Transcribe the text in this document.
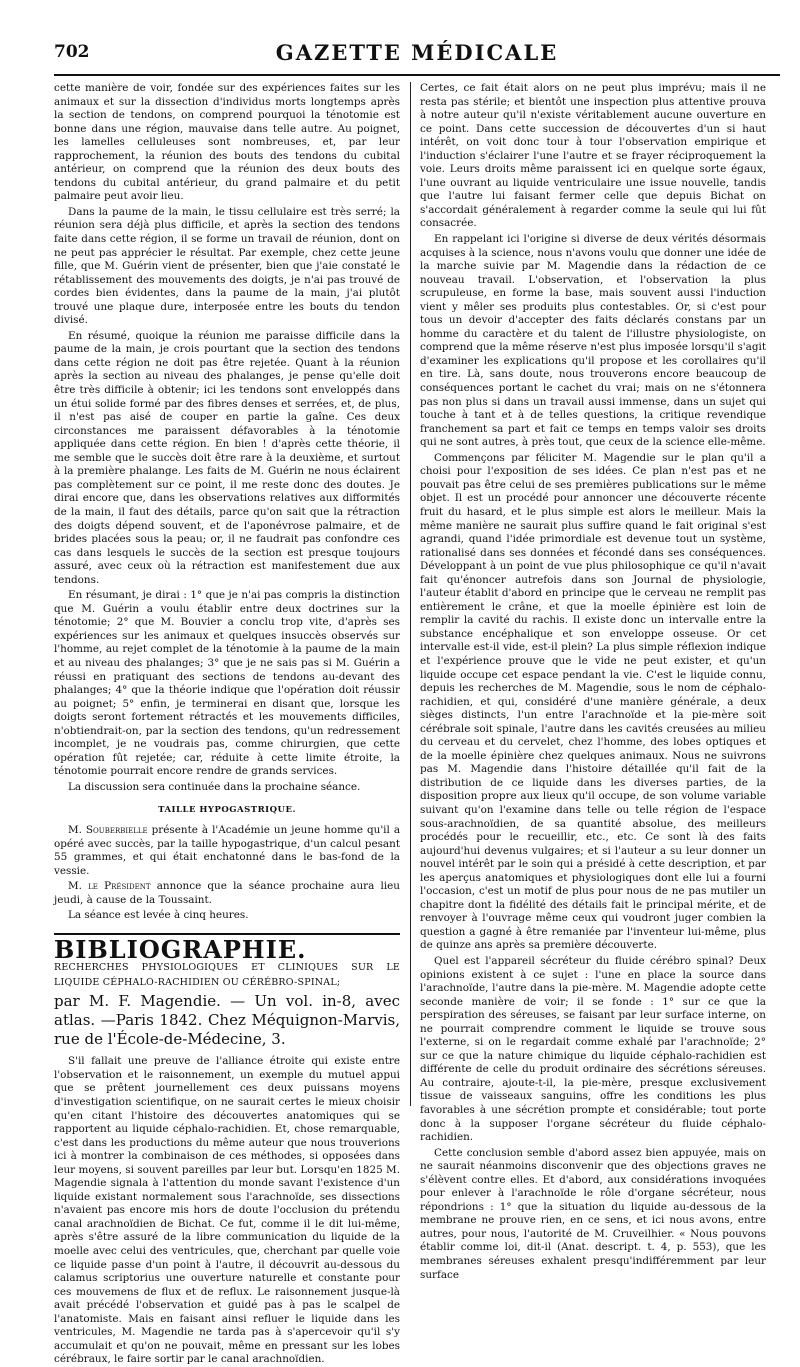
702	GAZETTE MÉDICALE

cette manière de voir, fondée sur des expériences faites sur les animaux et sur la dissection d'individus morts longtemps après la section de tendons, on comprend pourquoi la ténotomie est bonne dans une région, mauvaise dans telle autre. Au poignet, les lamelles celluleuses sont nombreuses, et, par leur rapprochement, la réunion des bouts des tendons du cubital antérieur, on comprend que la réunion des deux bouts des tendons du cubital antérieur, du grand palmaire et du petit palmaire peut avoir lieu.

Dans la paume de la main, le tissu cellulaire est très serré; la réunion sera déjà plus difficile, et après la section des tendons faite dans cette région, il se forme un travail de réunion, dont on ne peut pas apprécier le résultat. Par exemple, chez cette jeune fille, que M. Guérin vient de présenter, bien que j'aie constaté le rétablissement des mouvements des doigts, je n'ai pas trouvé de cordes bien évidentes, dans la paume de la main, j'ai plutôt trouvé une plaque dure, interposée entre les bouts du tendon divisé.

En résumé, quoique la réunion me paraisse difficile dans la paume de la main, je crois pourtant que la section des tendons dans cette région ne doit pas être rejetée. Quant à la réunion après la section au niveau des phalanges, je pense qu'elle doit être très difficile à obtenir; ici les tendons sont enveloppés dans un étui solide formé par des fibres denses et serrées, et, de plus, il n'est pas aisé de couper en partie la gaîne. Ces deux circonstances me paraissent défavorables à la ténotomie appliquée dans cette région. En bien ! d'après cette théorie, il me semble que le succès doit être rare à la deuxième, et surtout à la première phalange. Les faits de M. Guérin ne nous éclairent pas complètement sur ce point, il me reste donc des doutes. Je dirai encore que, dans les observations relatives aux difformités de la main, il faut des détails, parce qu'on sait que la rétraction des doigts dépend souvent, et de l'aponévrose palmaire, et de brides placées sous la peau; or, il ne faudrait pas confondre ces cas dans lesquels le succès de la section est presque toujours assuré, avec ceux où la rétraction est manifestement due aux tendons.

En résumant, je dirai : 1° que je n'ai pas compris la distinction que M. Guérin a voulu établir entre deux doctrines sur la ténotomie; 2° que M. Bouvier a conclu trop vite, d'après ses expériences sur les animaux et quelques insuccès observés sur l'homme, au rejet complet de la ténotomie à la paume de la main et au niveau des phalanges; 3° que je ne sais pas si M. Guérin a réussi en pratiquant des sections de tendons au-devant des phalanges; 4° que la théorie indique que l'opération doit réussir au poignet; 5° enfin, je terminerai en disant que, lorsque les doigts seront fortement rétractés et les mouvements difficiles, n'obtiendrait-on, par la section des tendons, qu'un redressement incomplet, je ne voudrais pas, comme chirurgien, que cette opération fût rejetée; car, réduite à cette limite étroite, la ténotomie pourrait encore rendre de grands services.

La discussion sera continuée dans la prochaine séance.

TAILLE HYPOGASTRIQUE.

M. Souberbielle présente à l'Académie un jeune homme qu'il a opéré avec succès, par la taille hypogastrique, d'un calcul pesant 55 grammes, et qui était enchatonné dans le bas-fond de la vessie.

M. le Président annonce que la séance prochaine aura lieu jeudi, à cause de la Toussaint.

La séance est levée à cinq heures.

BIBLIOGRAPHIE.
RECHERCHES PHYSIOLOGIQUES ET CLINIQUES SUR LE LIQUIDE CÉPHALO-RACHIDIEN OU CÉRÉBRO-SPINAL;
par M. F. Magendie. — Un vol. in-8, avec atlas. —Paris 1842. Chez Méquignon-Marvis, rue de l'École-de-Médecine, 3.

S'il fallait une preuve de l'alliance étroite qui existe entre l'observation et le raisonnement, un exemple du mutuel appui que se prêtent journellement ces deux puissans moyens d'investigation scientifique, on ne saurait certes le mieux choisir qu'en citant l'histoire des découvertes anatomiques qui se rapportent au liquide céphalo-rachidien. Et, chose remarquable, c'est dans les productions du même auteur que nous trouverions ici à montrer la combinaison de ces méthodes, si opposées dans leur moyens, si souvent pareilles par leur but. Lorsqu'en 1825 M. Magendie signala à l'attention du monde savant l'existence d'un liquide existant normalement sous l'arachnoïde, ses dissections n'avaient pas encore mis hors de doute l'occlusion du prétendu canal arachnoïdien de Bichat. Ce fut, comme il le dit lui-même, après s'être assuré de la libre communication du liquide de la moelle avec celui des ventricules, que, cherchant par quelle voie ce liquide passe d'un point à l'autre, il découvrit au-dessous du calamus scriptorius une ouverture naturelle et constante pour ces mouvemens de flux et de reflux. Le raisonnement jusque-là avait précédé l'observation et guidé pas à pas le scalpel de l'anatomiste. Mais en faisant ainsi refluer le liquide dans les ventricules, M. Magendie ne tarda pas à s'apercevoir qu'il s'y accumulait et qu'on ne pouvait, même en pressant sur les lobes cérébraux, le faire sortir par le canal arachnoïdien.

Certes, ce fait était alors on ne peut plus imprévu; mais il ne resta pas stérile; et bientôt une inspection plus attentive prouva à notre auteur qu'il n'existe véritablement aucune ouverture en ce point. Dans cette succession de découvertes d'un si haut intérêt, on voit donc tour à tour l'observation empirique et l'induction s'éclairer l'une l'autre et se frayer réciproquement la voie. Leurs droits même paraissent ici en quelque sorte égaux, l'une ouvrant au liquide ventriculaire une issue nouvelle, tandis que l'autre lui faisant fermer celle que depuis Bichat on s'accordait généralement à regarder comme la seule qui lui fût consacrée.

En rappelant ici l'origine si diverse de deux vérités désormais acquises à la science, nous n'avons voulu que donner une idée de la marche suivie par M. Magendie dans la rédaction de ce nouveau travail. L'observation, et l'observation la plus scrupuleuse, en forme la base, mais souvent aussi l'induction vient y mêler ses produits plus contestables. Or, si c'est pour tous un devoir d'accepter des faits déclarés constans par un homme du caractère et du talent de l'illustre physiologiste, on comprend que la même réserve n'est plus imposée lorsqu'il s'agit d'examiner les explications qu'il propose et les corollaires qu'il en tire. Là, sans doute, nous trouverons encore beaucoup de conséquences portant le cachet du vrai; mais on ne s'étonnera pas non plus si dans un travail aussi immense, dans un sujet qui touche à tant et à de telles questions, la critique revendique franchement sa part et fait ce temps en temps valoir ses droits qui ne sont autres, à près tout, que ceux de la science elle-même.

Commençons par féliciter M. Magendie sur le plan qu'il a choisi pour l'exposition de ses idées. Ce plan n'est pas et ne pouvait pas être celui de ses premières publications sur le même objet. Il est un procédé pour annoncer une découverte récente fruit du hasard, et le plus simple est alors le meilleur. Mais la même manière ne saurait plus suffire quand le fait original s'est agrandi, quand l'idée primordiale est devenue tout un système, rationalisé dans ses données et fécondé dans ses conséquences. Développant à un point de vue plus philosophique ce qu'il n'avait fait qu'énoncer autrefois dans son Journal de physiologie, l'auteur établit d'abord en principe que le cerveau ne remplit pas entièrement le crâne, et que la moelle épinière est loin de remplir la cavité du rachis. Il existe donc un intervalle entre la substance encéphalique et son enveloppe osseuse. Or cet intervalle est-il vide, est-il plein? La plus simple réflexion indique et l'expérience prouve que le vide ne peut exister, et qu'un liquide occupe cet espace pendant la vie. C'est le liquide connu, depuis les recherches de M. Magendie, sous le nom de céphalo-rachidien, et qui, considéré d'une manière générale, a deux sièges distincts, l'un entre l'arachnoïde et la pie-mère soit cérébrale soit spinale, l'autre dans les cavités creusées au milieu du cerveau et du cervelet, chez l'homme, des lobes optiques et de la moelle épinière chez quelques animaux. Nous ne suivrons pas M. Magendie dans l'histoire détaillée qu'il fait de la distribution de ce liquide dans les diverses parties, de la disposition propre aux lieux qu'il occupe, de son volume variable suivant qu'on l'examine dans telle ou telle région de l'espace sous-arachnoïdien, de sa quantité absolue, des meilleurs procédés pour le recueillir, etc., etc. Ce sont là des faits aujourd'hui devenus vulgaires; et si l'auteur a su leur donner un nouvel intérêt par le soin qui a présidé à cette description, et par les aperçus anatomiques et physiologiques dont elle lui a fourni l'occasion, c'est un motif de plus pour nous de ne pas mutiler un chapitre dont la fidélité des détails fait le principal mérite, et de renvoyer à l'ouvrage même ceux qui voudront juger combien la question a gagné à être remaniée par l'inventeur lui-même, plus de quinze ans après sa première découverte.

Quel est l'appareil sécréteur du fluide cérébro spinal? Deux opinions existent à ce sujet : l'une en place la source dans l'arachnoïde, l'autre dans la pie-mère. M. Magendie adopte cette seconde manière de voir; il se fonde : 1° sur ce que la perspiration des séreuses, se faisant par leur surface interne, on ne pourrait comprendre comment le liquide se trouve sous l'externe, si on le regardait comme exhalé par l'arachnoïde; 2° sur ce que la nature chimique du liquide céphalo-rachidien est différente de celle du produit ordinaire des sécrétions séreuses. Au contraire, ajoute-t-il, la pie-mère, presque exclusivement tissue de vaisseaux sanguins, offre les conditions les plus favorables à une sécrétion prompte et considérable; tout porte donc à la supposer l'organe sécréteur du fluide céphalo-rachidien.

Cette conclusion semble d'abord assez bien appuyée, mais on ne saurait néanmoins disconvenir que des objections graves ne s'élèvent contre elles. Et d'abord, aux considérations invoquées pour enlever à l'arachnoïde le rôle d'organe sécréteur, nous répondrions : 1° que la situation du liquide au-dessous de la membrane ne prouve rien, en ce sens, et ici nous avons, entre autres, pour nous, l'autorité de M. Cruveilhier. « Nous pouvons établir comme loi, dit-il (Anat. descript. t. 4, p. 553), que les membranes séreuses exhalent presqu'indifféremment par leur surface
